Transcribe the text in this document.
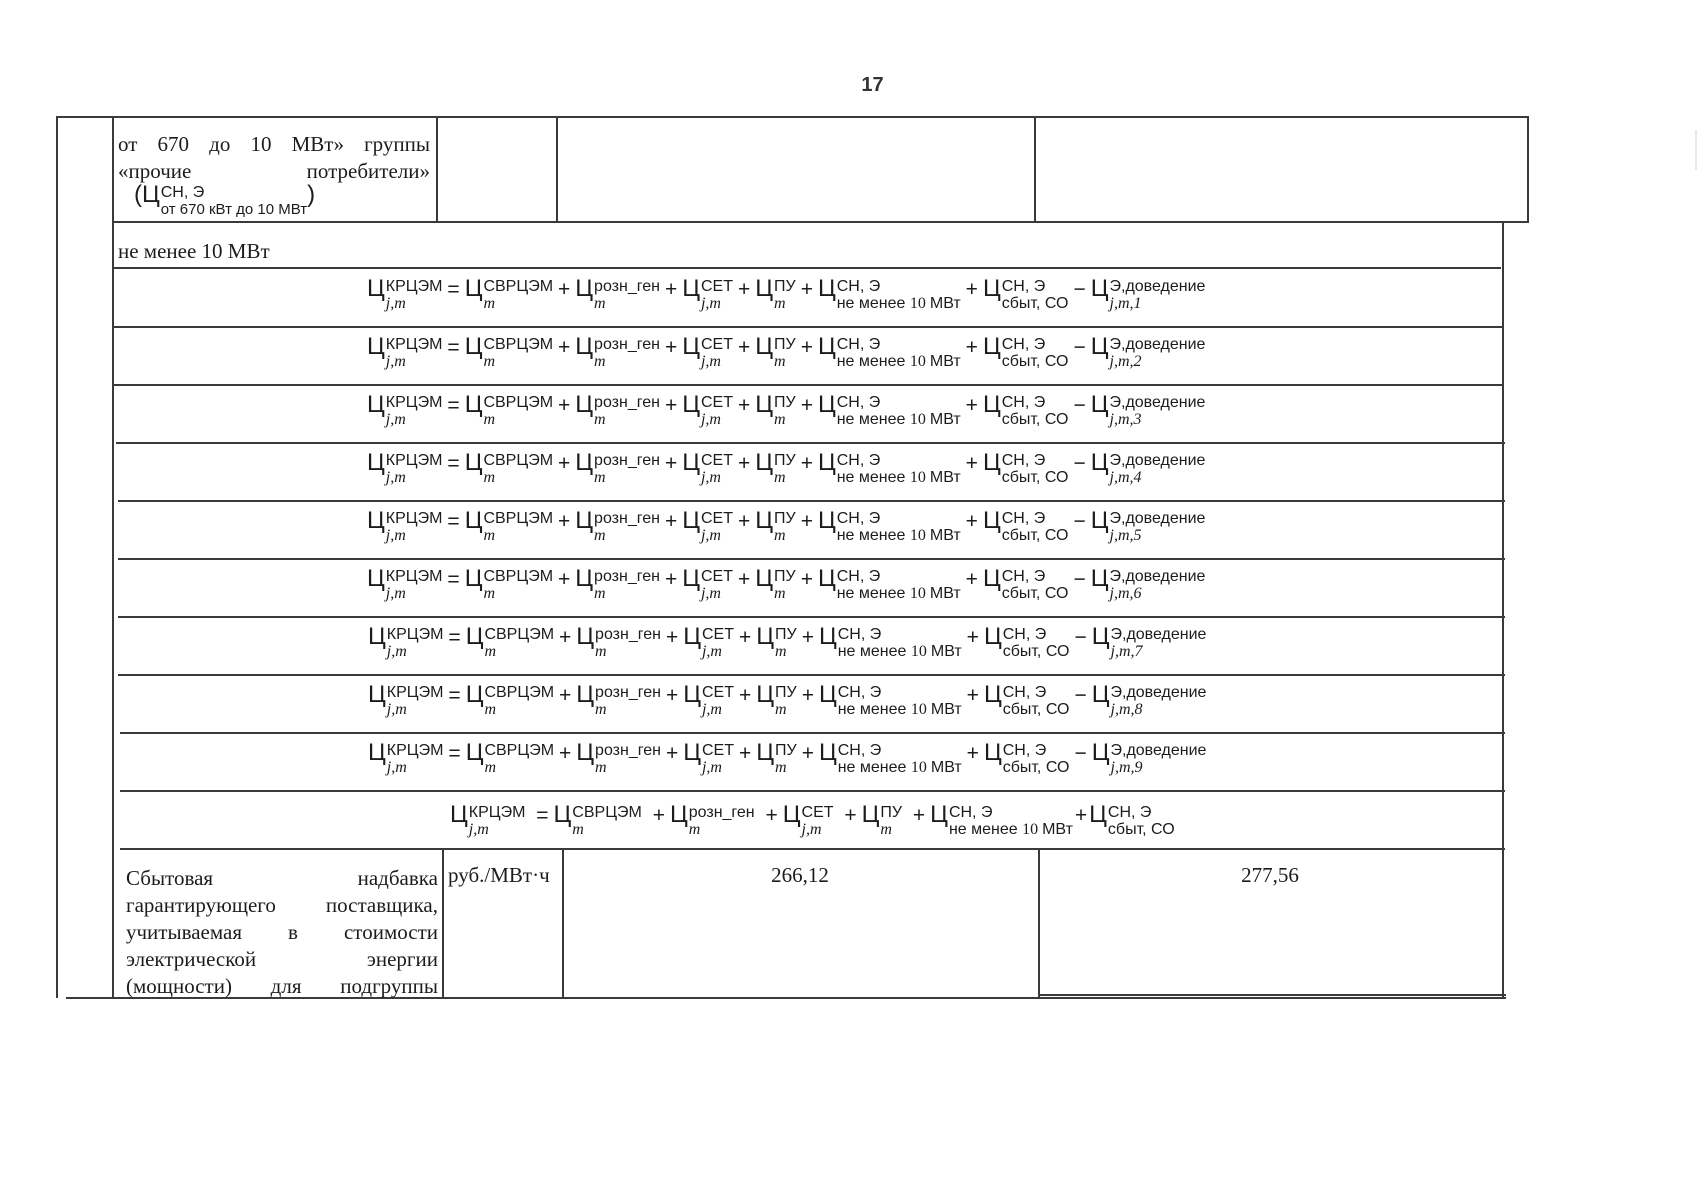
17
от 670 до 10 МВт» группы «прочие потребители»
(Ц СН, Э
от 670 кВт до 10 МВт
)
не менее 10 МВт
Ц КРЦЭМ
j,m
= Ц СВРЦЭМ
m
+ Ц розн_ген
m
+ Ц СЕТ
j,m
+ Ц ПУ
m
+ Ц СН, Э
не менее 10 МВт
+ Ц СН, Э
сбыт, СО
− Ц Э,доведение
j,m,1
Ц КРЦЭМ
j,m
= Ц СВРЦЭМ
m
+ Ц розн_ген
m
+ Ц СЕТ
j,m
+ Ц ПУ
m
+ Ц СН, Э
не менее 10 МВт
+ Ц СН, Э
сбыт, СО
− Ц Э,доведение
j,m,2
Ц КРЦЭМ
j,m
= Ц СВРЦЭМ
m
+ Ц розн_ген
m
+ Ц СЕТ
j,m
+ Ц ПУ
m
+ Ц СН, Э
не менее 10 МВт
+ Ц СН, Э
сбыт, СО
− Ц Э,доведение
j,m,3
Ц КРЦЭМ
j,m
= Ц СВРЦЭМ
m
+ Ц розн_ген
m
+ Ц СЕТ
j,m
+ Ц ПУ
m
+ Ц СН, Э
не менее 10 МВт
+ Ц СН, Э
сбыт, СО
− Ц Э,доведение
j,m,4
Ц КРЦЭМ
j,m
= Ц СВРЦЭМ
m
+ Ц розн_ген
m
+ Ц СЕТ
j,m
+ Ц ПУ
m
+ Ц СН, Э
не менее 10 МВт
+ Ц СН, Э
сбыт, СО
− Ц Э,доведение
j,m,5
Ц КРЦЭМ
j,m
= Ц СВРЦЭМ
m
+ Ц розн_ген
m
+ Ц СЕТ
j,m
+ Ц ПУ
m
+ Ц СН, Э
не менее 10 МВт
+ Ц СН, Э
сбыт, СО
− Ц Э,доведение
j,m,6
Ц КРЦЭМ
j,m
= Ц СВРЦЭМ
m
+ Ц розн_ген
m
+ Ц СЕТ
j,m
+ Ц ПУ
m
+ Ц СН, Э
не менее 10 МВт
+ Ц СН, Э
сбыт, СО
− Ц Э,доведение
j,m,7
Ц КРЦЭМ
j,m
= Ц СВРЦЭМ
m
+ Ц розн_ген
m
+ Ц СЕТ
j,m
+ Ц ПУ
m
+ Ц СН, Э
не менее 10 МВт
+ Ц СН, Э
сбыт, СО
− Ц Э,доведение
j,m,8
Ц КРЦЭМ
j,m
= Ц СВРЦЭМ
m
+ Ц розн_ген
m
+ Ц СЕТ
j,m
+ Ц ПУ
m
+ Ц СН, Э
не менее 10 МВт
+ Ц СН, Э
сбыт, СО
− Ц Э,доведение
j,m,9
Ц КРЦЭМ
j,m
= Ц СВРЦЭМ
m
+ Ц розн_ген
m
+ Ц СЕТ
j,m
+ Ц ПУ
m
+ Ц СН, Э
не менее 10 МВт
+Ц СН, Э
сбыт, СО
Сбытовая надбавка гарантирующего поставщика, учитываемая в стоимости электрической энергии (мощности) для подгруппы
руб./МВт·ч	266,12	277,56
